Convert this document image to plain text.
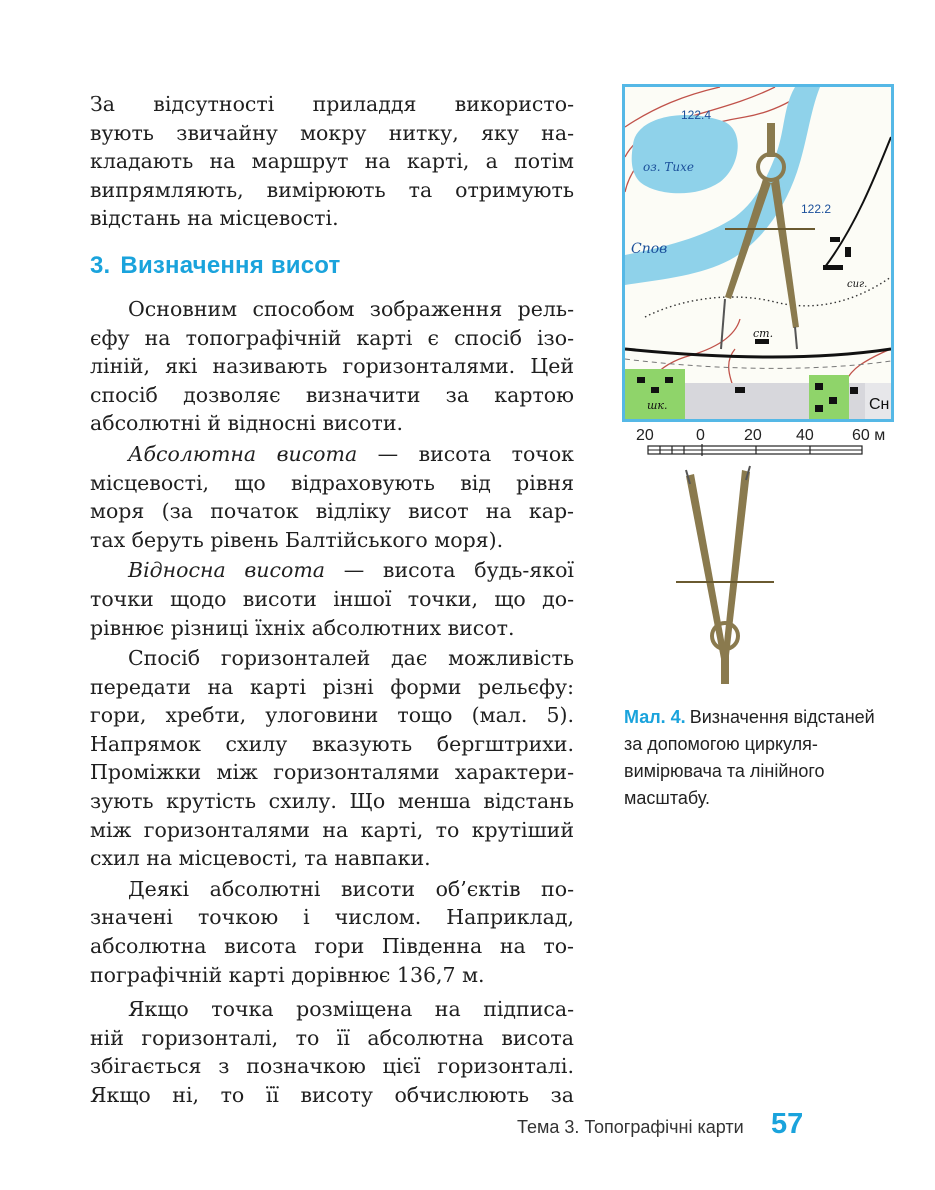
За відсутності приладдя використо-

вують звичайну мокру нитку, яку на-

кладають на маршрут на карті, а потім

випрямляють, вимірюють та отримують

відстань на місцевості.

3. Визначення висот

Основним способом зображення рель-

єфу на топографічній карті є спосіб ізо-

ліній, які називають горизонталями. Цей

спосіб дозволяє визначити за картою

абсолютні й відносні висоти.

Абсолютна висота — висота точок

місцевості, що відраховують від рівня

моря (за початок відліку висот на кар-

тах беруть рівень Балтійського моря).

Відносна висота — висота будь-якої

точки щодо висоти іншої точки, що до-

рівнює різниці їхніх абсолютних висот.

Спосіб горизонталей дає можливість

передати на карті різні форми рельєфу:

гори, хребти, улоговини тощо (мал. 5).

Напрямок схилу вказують бергштрихи.

Проміжки між горизонталями характери-

зують крутість схилу. Що менша відстань

між горизонталями на карті, то крутіший

схил на місцевості, та навпаки.

Деякі абсолютні висоти об’єктів по-

значені точкою і числом. Наприклад,

абсолютна висота гори Південна на то-

пографічній карті дорівнює 136,7 м.

Якщо точка розміщена на підписа-

ній горизонталі, то її абсолютна висота

збігається з позначкою цієї горизонталі.

Якщо ні, то її висоту обчислюють за

122.4
122.2
оз. Тихе
Спов
ст.
шк.
сиг.
Сн
20	0 20 40 60 м
Мал. 4. Визначення відстаней за допомогою циркуля-вимірювача та лінійного масштабу.
Тема 3. Топографічні карти 57
